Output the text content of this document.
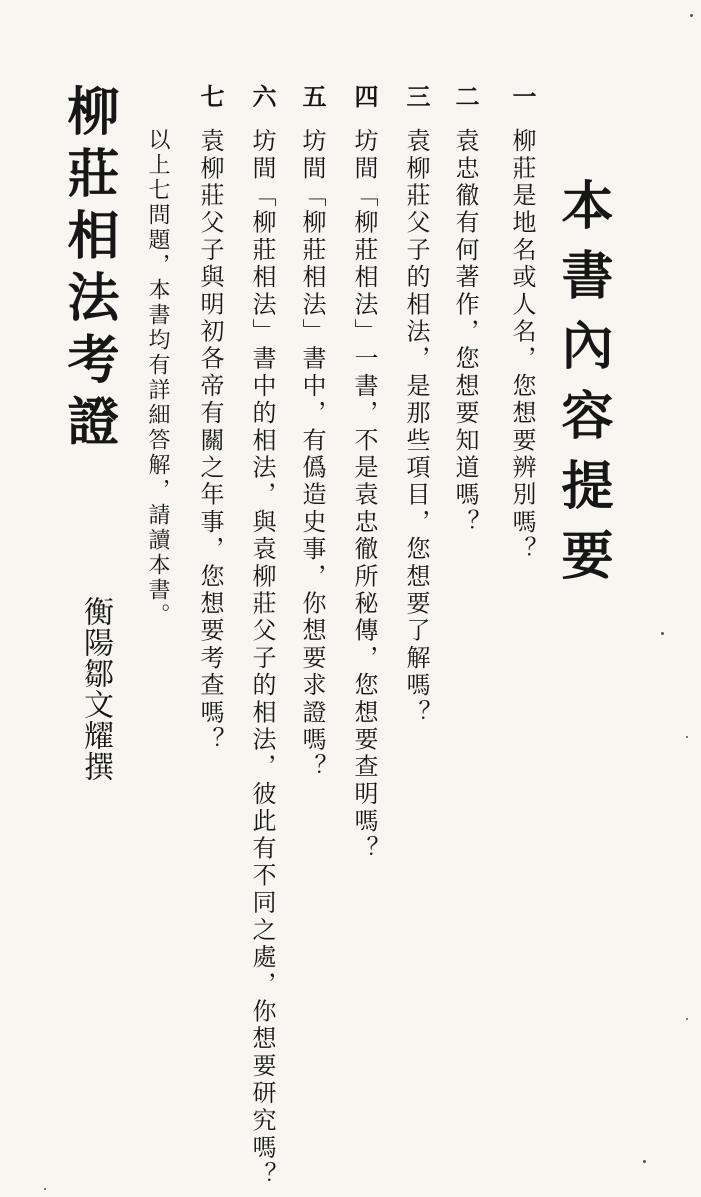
本書內容提要
一
柳莊是地名或人名，您想要辨別嗎？
二
袁忠徹有何著作，您想要知道嗎？
三
袁柳莊父子的相法，是那些項目，您想要了解嗎？
四
坊間「柳莊相法」一書，不是袁忠徹所秘傳，您想要查明嗎？
五
坊間「柳莊相法」書中，有僞造史事，你想要求證嗎？
六
坊間「柳莊相法」書中的相法，與袁柳莊父子的相法，彼此有不同之處，你想要研究嗎？
七
袁柳莊父子與明初各帝有關之年事，您想要考查嗎？
以上七問題，本書均有詳細答解，請讀本書。
柳莊相法考證
衡陽鄒文耀撰
